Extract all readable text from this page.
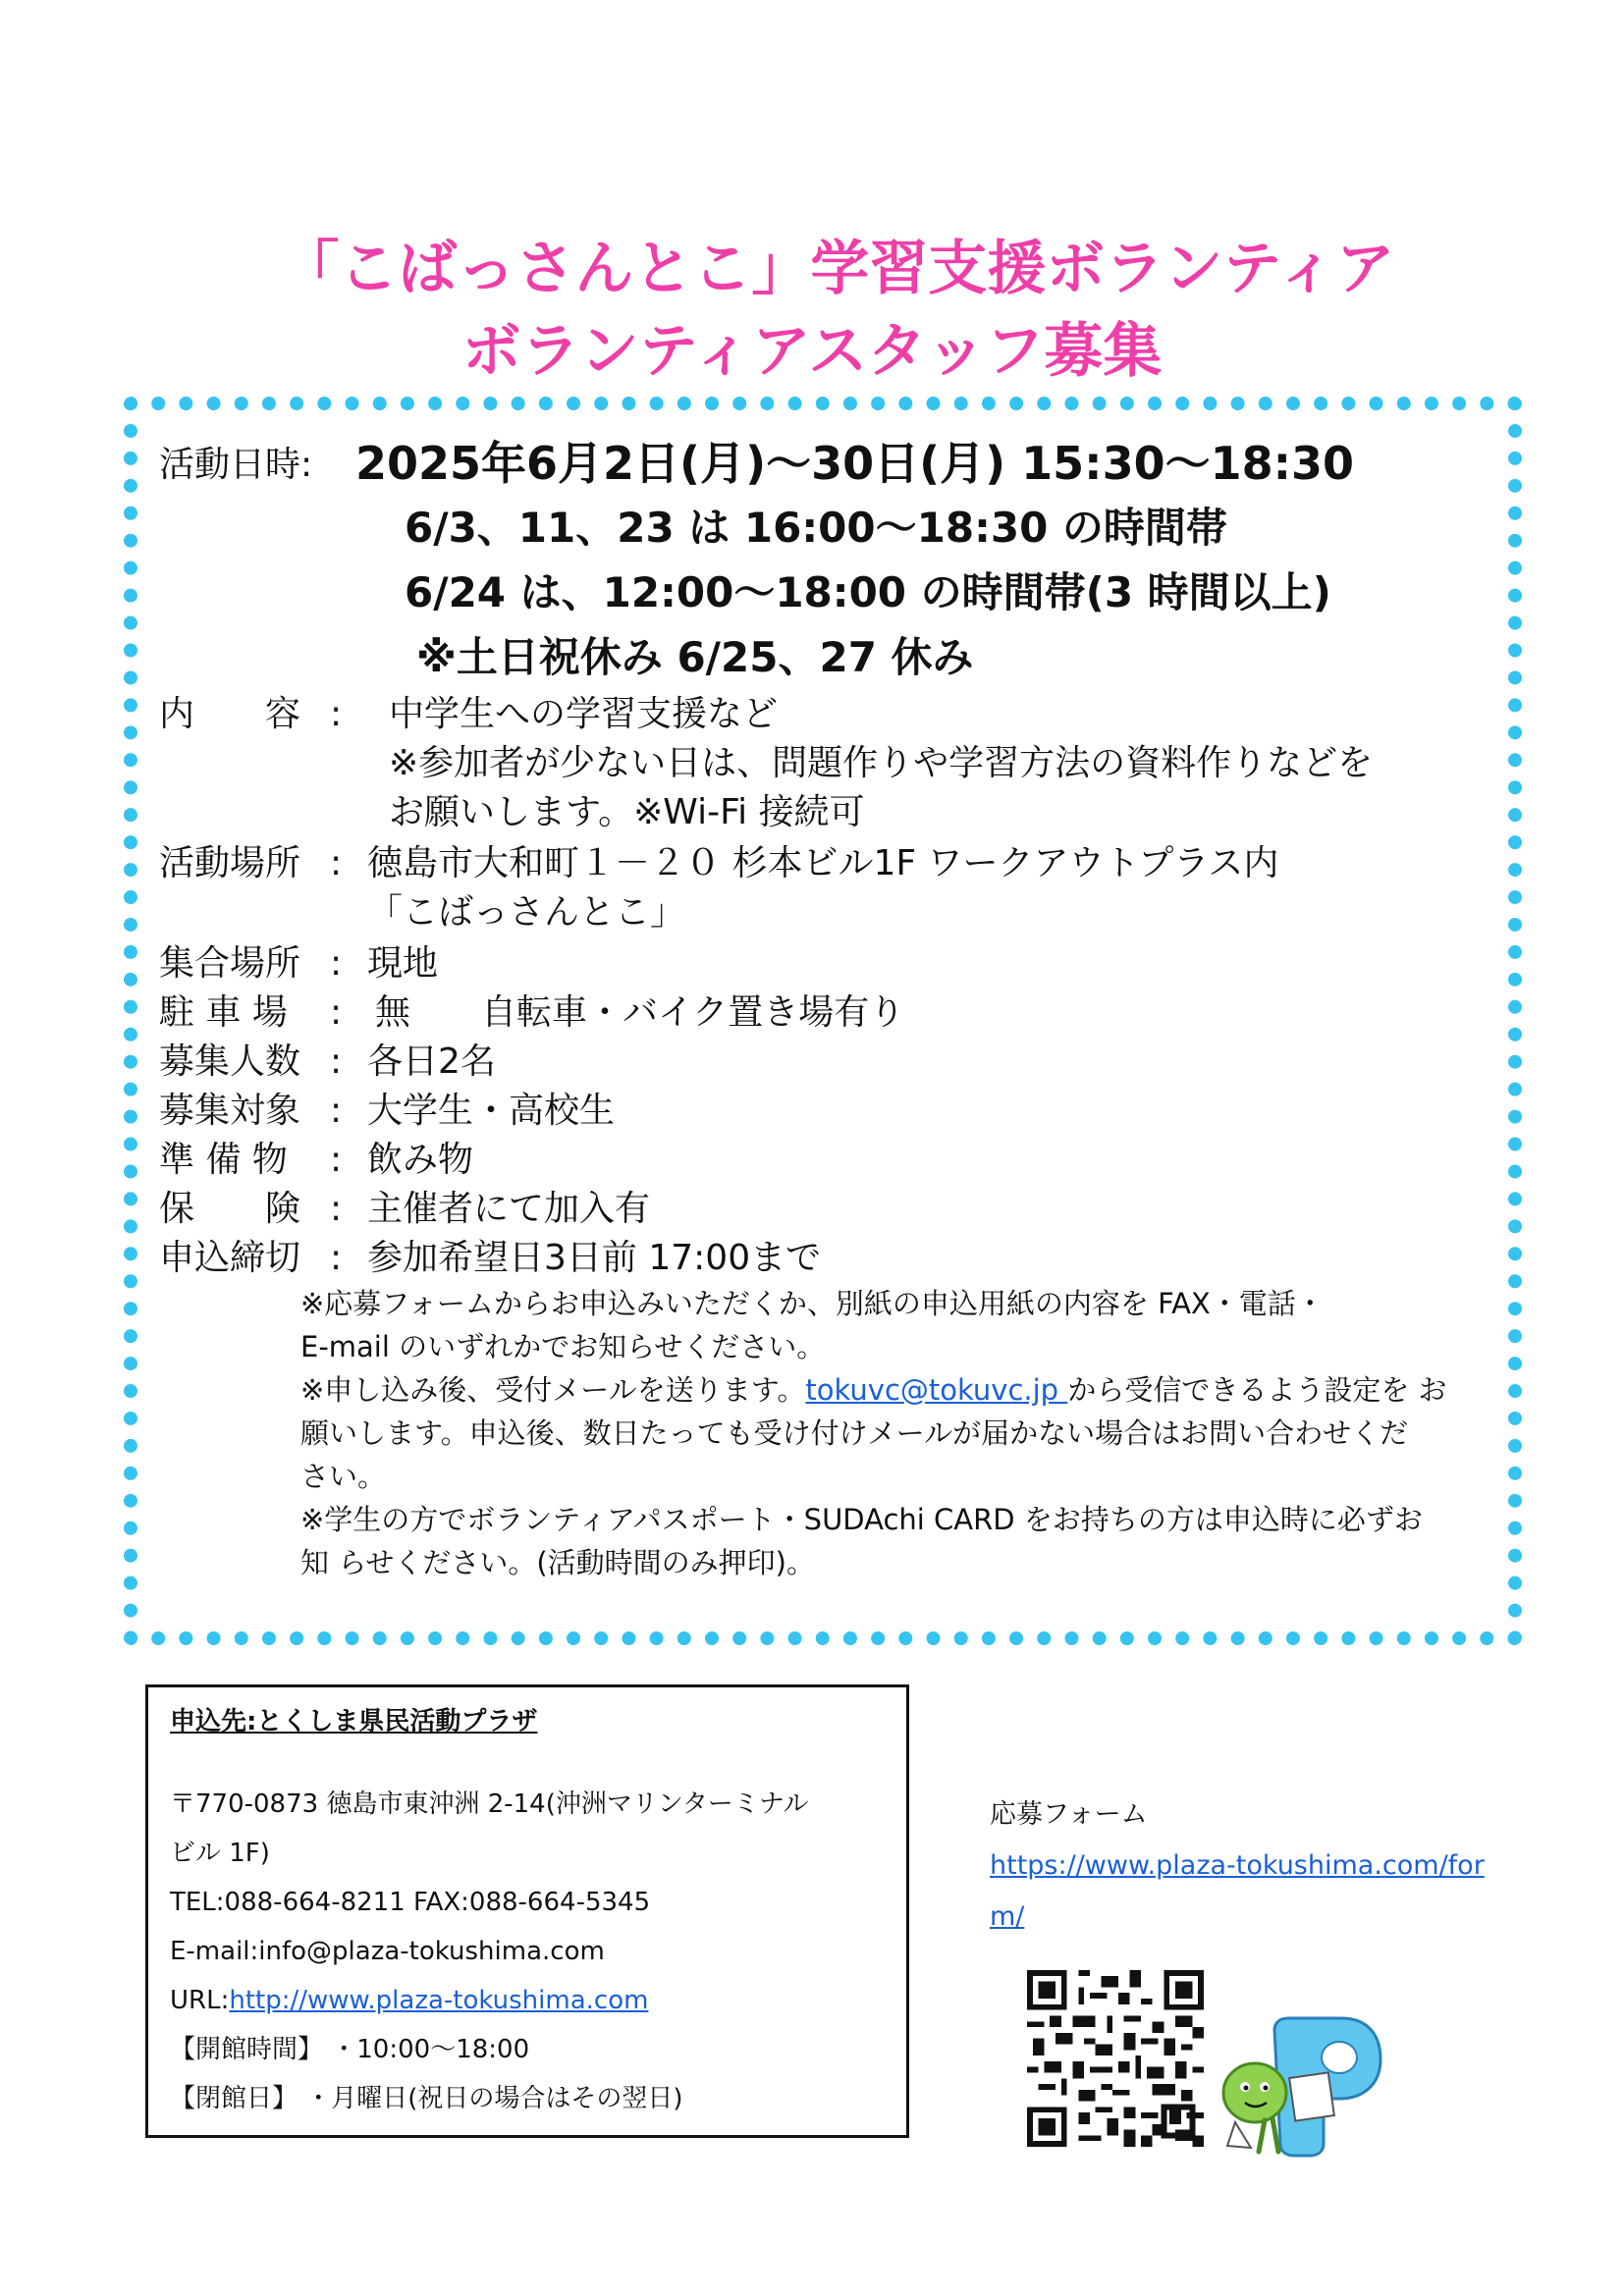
「こばっさんとこ」学習支援ボランティア
ボランティアスタッフ募集
活動日時: 2025年6月2日(月)～30日(月) 15:30～18:30
6/3、11、23 は 16:00～18:30 の時間帯
6/24 は、12:00～18:00 の時間帯(3 時間以上)
※土日祝休み 6/25、27 休み
内　　容 : 中学生への学習支援など
※参加者が少ない日は、問題作りや学習方法の資料作りなどを
お願いします。※Wi-Fi 接続可
活動場所 : 徳島市大和町１－２０ 杉本ビル1F ワークアウトプラス内
「こばっさんとこ」
集合場所 : 現地
駐 車 場 : 無　　自転車・バイク置き場有り
募集人数 : 各日2名
募集対象 : 大学生・高校生
準 備 物 : 飲み物
保　　険 : 主催者にて加入有
申込締切 : 参加希望日3日前 17:00まで
※応募フォームからお申込みいただくか、別紙の申込用紙の内容を FAX・電話・
E-mail のいずれかでお知らせください。
※申し込み後、受付メールを送ります。tokuvc@tokuvc.jp から受信できるよう設定を お
願いします。申込後、数日たっても受け付けメールが届かない場合はお問い合わせくだ
さい。
※学生の方でボランティアパスポート・SUDAchi CARD をお持ちの方は申込時に必ずお
知 らせください。(活動時間のみ押印)。
申込先:とくしま県民活動プラザ
〒770-0873 徳島市東沖洲 2-14(沖洲マリンターミナル
ビル 1F)
TEL:088-664-8211 FAX:088-664-5345
E-mail:info@plaza-tokushima.com
URL:http://www.plaza-tokushima.com
【開館時間】 ・10:00～18:00
【閉館日】 ・月曜日(祝日の場合はその翌日)
応募フォーム
https://www.plaza-tokushima.com/for
m/
